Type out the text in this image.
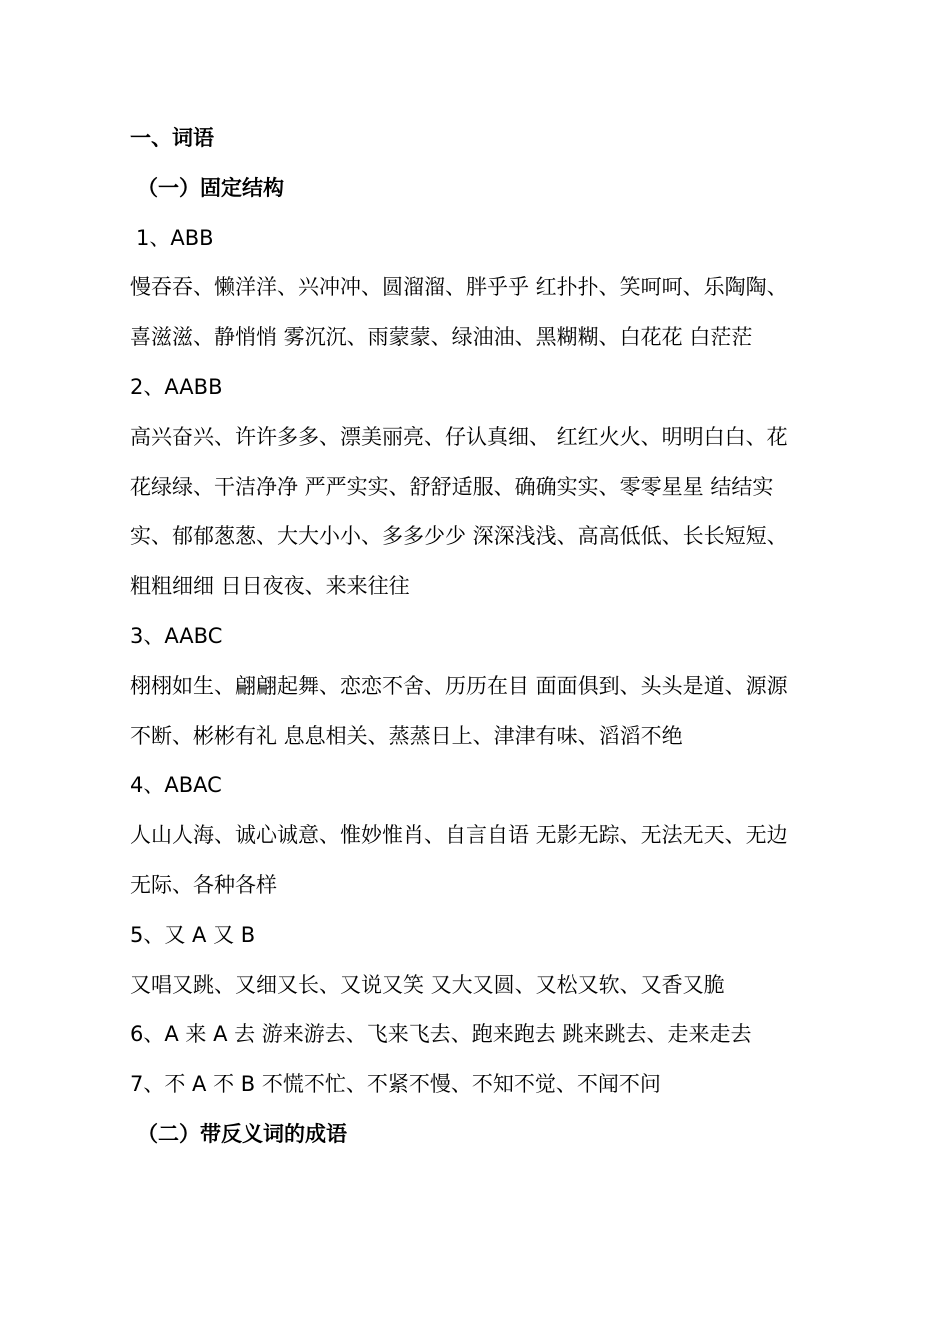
一、词语
（一）固定结构
1、ABB
慢吞吞、懒洋洋、兴冲冲、圆溜溜、胖乎乎 红扑扑、笑呵呵、乐陶陶、
喜滋滋、静悄悄 雾沉沉、雨蒙蒙、绿油油、黑糊糊、白花花 白茫茫
2、AABB
高兴奋兴、许许多多、漂美丽亮、仔认真细、 红红火火、明明白白、花
花绿绿、干洁净净 严严实实、舒舒适服、确确实实、零零星星 结结实
实、郁郁葱葱、大大小小、多多少少 深深浅浅、高高低低、长长短短、
粗粗细细 日日夜夜、来来往往
3、AABC
栩栩如生、翩翩起舞、恋恋不舍、历历在目 面面俱到、头头是道、源源
不断、彬彬有礼 息息相关、蒸蒸日上、津津有味、滔滔不绝
4、ABAC
人山人海、诚心诚意、惟妙惟肖、自言自语 无影无踪、无法无天、无边
无际、各种各样
5、又 A 又 B
又唱又跳、又细又长、又说又笑 又大又圆、又松又软、又香又脆
6、A 来 A 去 游来游去、飞来飞去、跑来跑去 跳来跳去、走来走去
7、不 A 不 B 不慌不忙、不紧不慢、不知不觉、不闻不问
（二）带反义词的成语
